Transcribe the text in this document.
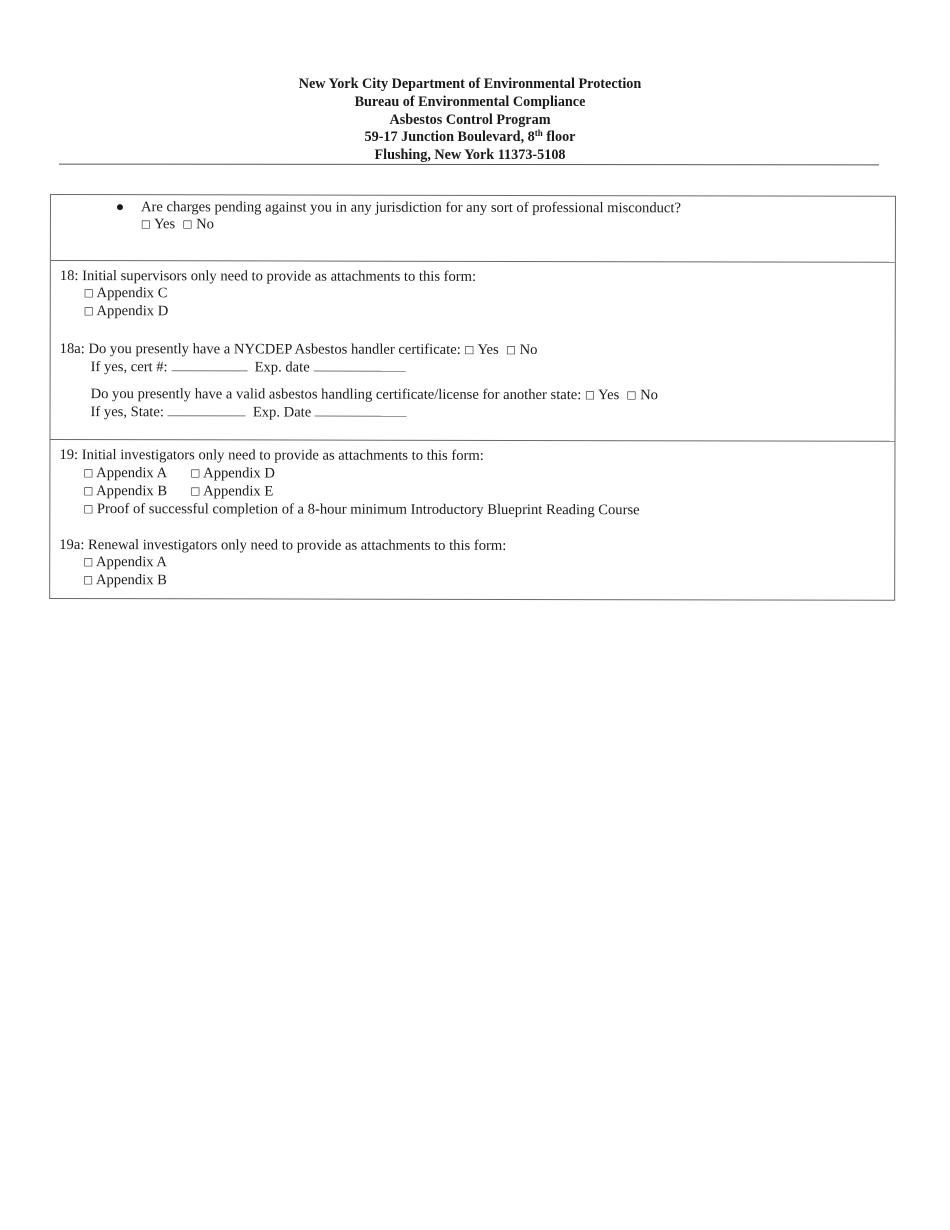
New York City Department of Environmental Protection
Bureau of Environmental Compliance
Asbestos Control Program
59-17 Junction Boulevard, 8th floor
Flushing, New York 11373-5108
Are charges pending against you in any jurisdiction for any sort of professional misconduct?
□ Yes □ No
18: Initial supervisors only need to provide as attachments to this form:
□ Appendix C
□ Appendix D
18a: Do you presently have a NYCDEP Asbestos handler certificate: □ Yes □ No
If yes, cert #:	Exp. date
Do you presently have a valid asbestos handling certificate/license for another state: □ Yes □ No
If yes, State:	Exp. Date
19: Initial investigators only need to provide as attachments to this form:
□ Appendix A □ Appendix D
□ Appendix B □ Appendix E
□ Proof of successful completion of a 8-hour minimum Introductory Blueprint Reading Course
19a: Renewal investigators only need to provide as attachments to this form:
□ Appendix A
□ Appendix B
